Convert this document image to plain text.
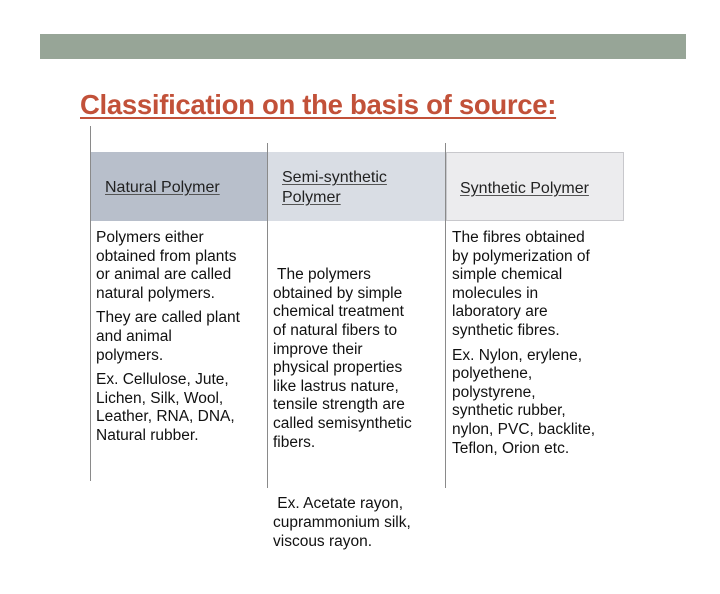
Classification on the basis of source:
Natural Polymer
Semi-synthetic
Polymer
Synthetic Polymer

Polymers either
obtained from plants
or animal are called
natural polymers.

They are called plant
and animal
polymers.

Ex. Cellulose, Jute,
Lichen, Silk, Wool,
Leather, RNA, DNA,
Natural rubber.

The polymers
obtained by simple
chemical treatment
of natural fibers to
improve their
physical properties
like lastrus nature,
tensile strength are
called semisynthetic
fibers.

Ex. Acetate rayon,
cuprammonium silk,
viscous rayon.

The fibres obtained
by polymerization of
simple chemical
molecules in
laboratory are
synthetic fibres.

Ex. Nylon, erylene,
polyethene,
polystyrene,
synthetic rubber,
nylon, PVC, backlite,
Teflon, Orion etc.
